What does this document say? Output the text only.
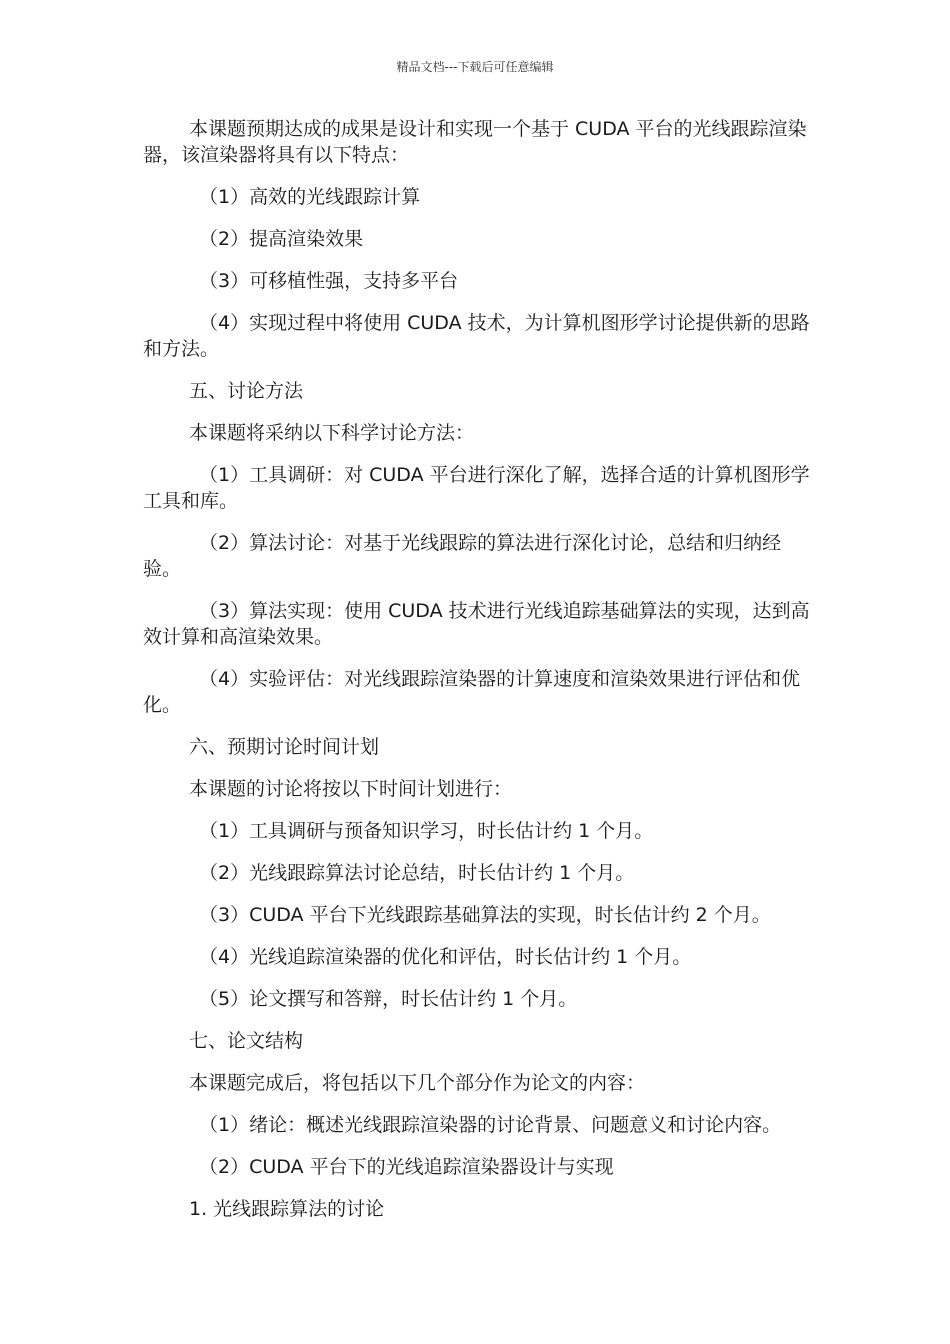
精品文档---下载后可任意编辑

本课题预期达成的成果是设计和实现一个基于 CUDA 平台的光线跟踪渲染器，该渲染器将具有以下特点：

（1）高效的光线跟踪计算

（2）提高渲染效果

（3）可移植性强，支持多平台

（4）实现过程中将使用 CUDA 技术，为计算机图形学讨论提供新的思路和方法。

五、讨论方法

本课题将采纳以下科学讨论方法：

（1）工具调研：对 CUDA 平台进行深化了解，选择合适的计算机图形学工具和库。

（2）算法讨论：对基于光线跟踪的算法进行深化讨论，总结和归纳经验。

（3）算法实现：使用 CUDA 技术进行光线追踪基础算法的实现，达到高效计算和高渲染效果。

（4）实验评估：对光线跟踪渲染器的计算速度和渲染效果进行评估和优化。

六、预期讨论时间计划

本课题的讨论将按以下时间计划进行：

（1）工具调研与预备知识学习，时长估计约 1 个月。

（2）光线跟踪算法讨论总结，时长估计约 1 个月。

（3）CUDA 平台下光线跟踪基础算法的实现，时长估计约 2 个月。

（4）光线追踪渲染器的优化和评估，时长估计约 1 个月。

（5）论文撰写和答辩，时长估计约 1 个月。

七、论文结构

本课题完成后，将包括以下几个部分作为论文的内容：

（1）绪论：概述光线跟踪渲染器的讨论背景、问题意义和讨论内容。

（2）CUDA 平台下的光线追踪渲染器设计与实现

1. 光线跟踪算法的讨论
